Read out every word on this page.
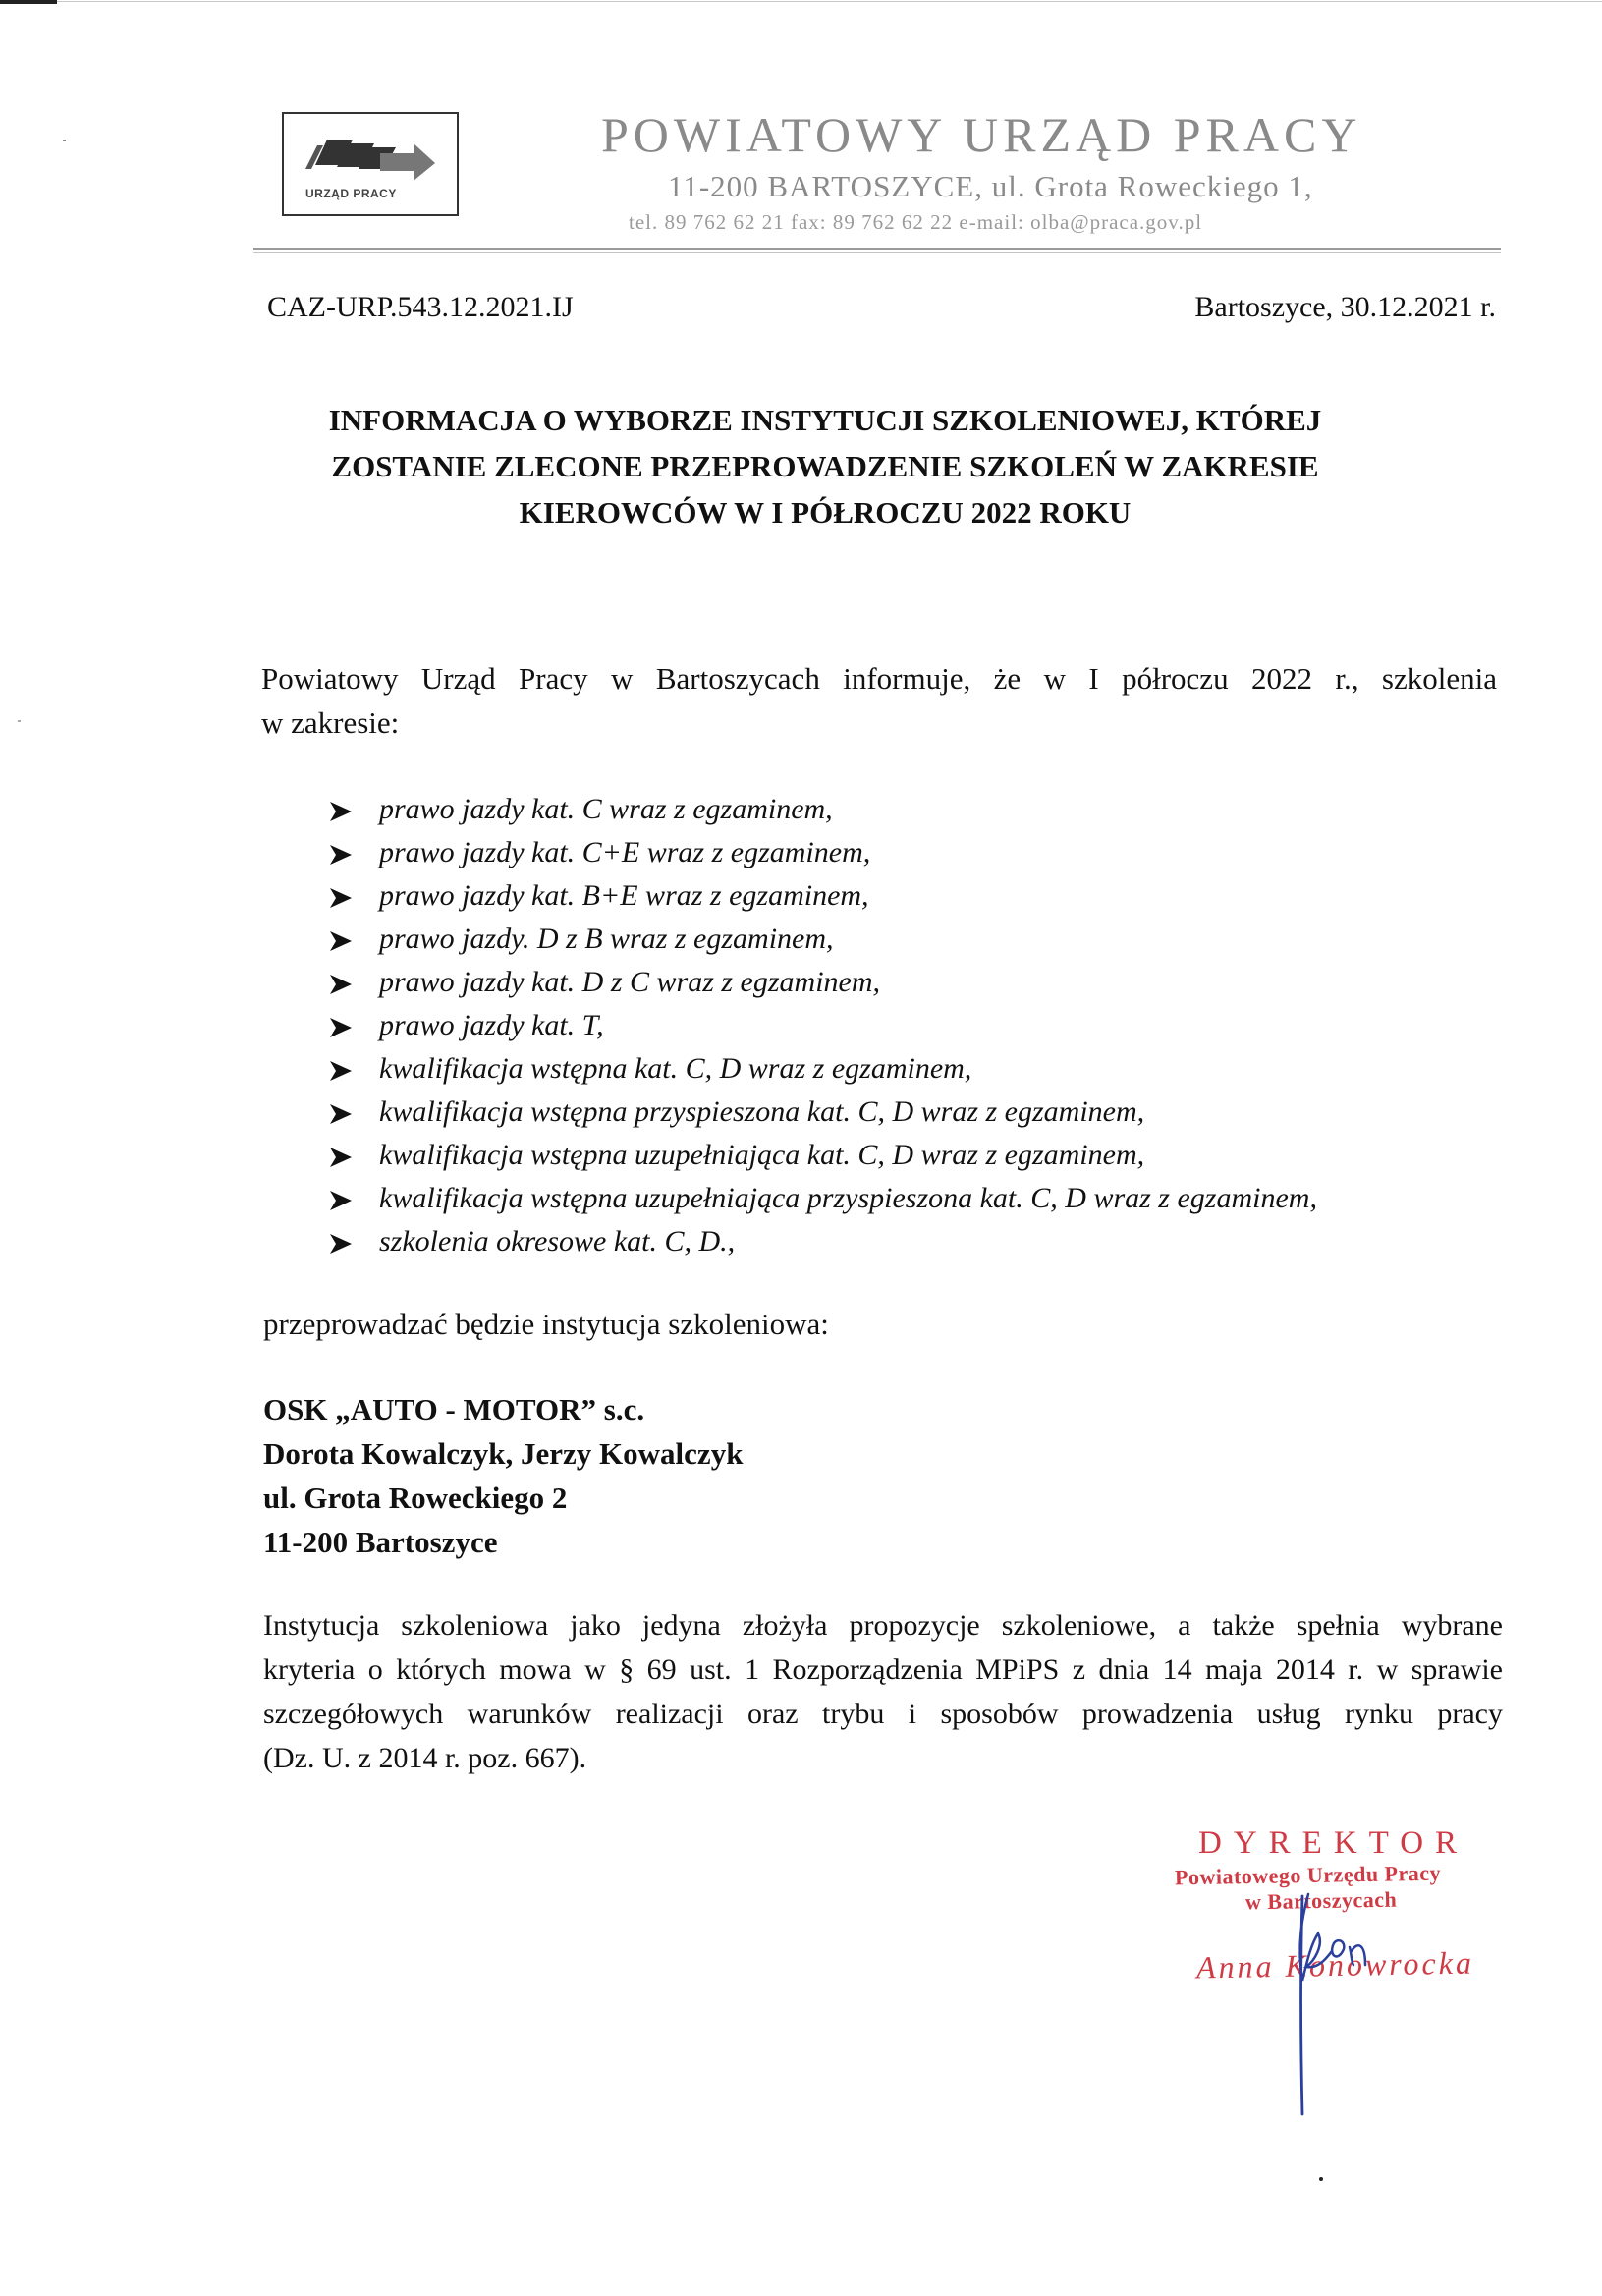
URZĄD PRACY
POWIATOWY URZĄD PRACY
11-200 BARTOSZYCE, ul. Grota Roweckiego 1,
tel. 89 762 62 21 fax: 89 762 62 22 e-mail: olba@praca.gov.pl
CAZ-URP.543.12.2021.IJ	Bartoszyce, 30.12.2021 r.
INFORMACJA O WYBORZE INSTYTUCJI SZKOLENIOWEJ, KTÓREJ
ZOSTANIE ZLECONE PRZEPROWADZENIE SZKOLEŃ W ZAKRESIE
KIEROWCÓW W I PÓŁROCZU 2022 ROKU
Powiatowy Urząd Pracy w Bartoszycach informuje, że w I półroczu 2022 r., szkolenia
w zakresie:
prawo jazdy kat. C wraz z egzaminem,
prawo jazdy kat. C+E wraz z egzaminem,
prawo jazdy kat. B+E wraz z egzaminem,
prawo jazdy. D z B wraz z egzaminem,
prawo jazdy kat. D z C wraz z egzaminem,
prawo jazdy kat. T,
kwalifikacja wstępna kat. C, D wraz z egzaminem,
kwalifikacja wstępna przyspieszona kat. C, D wraz z egzaminem,
kwalifikacja wstępna uzupełniająca kat. C, D wraz z egzaminem,
kwalifikacja wstępna uzupełniająca przyspieszona kat. C, D wraz z egzaminem,
szkolenia okresowe kat. C, D.,
przeprowadzać będzie instytucja szkoleniowa:
OSK „AUTO - MOTOR” s.c.
Dorota Kowalczyk, Jerzy Kowalczyk
ul. Grota Roweckiego 2
11-200 Bartoszyce
Instytucja szkoleniowa jako jedyna złożyła propozycje szkoleniowe, a także spełnia wybrane
kryteria o których mowa w § 69 ust. 1 Rozporządzenia MPiPS z dnia 14 maja 2014 r. w sprawie
szczegółowych warunków realizacji oraz trybu i sposobów prowadzenia usług rynku pracy
(Dz. U. z 2014 r. poz. 667).
DYREKTOR
Powiatowego Urzędu Pracy
w Bartoszycach
Anna Konowrocka
